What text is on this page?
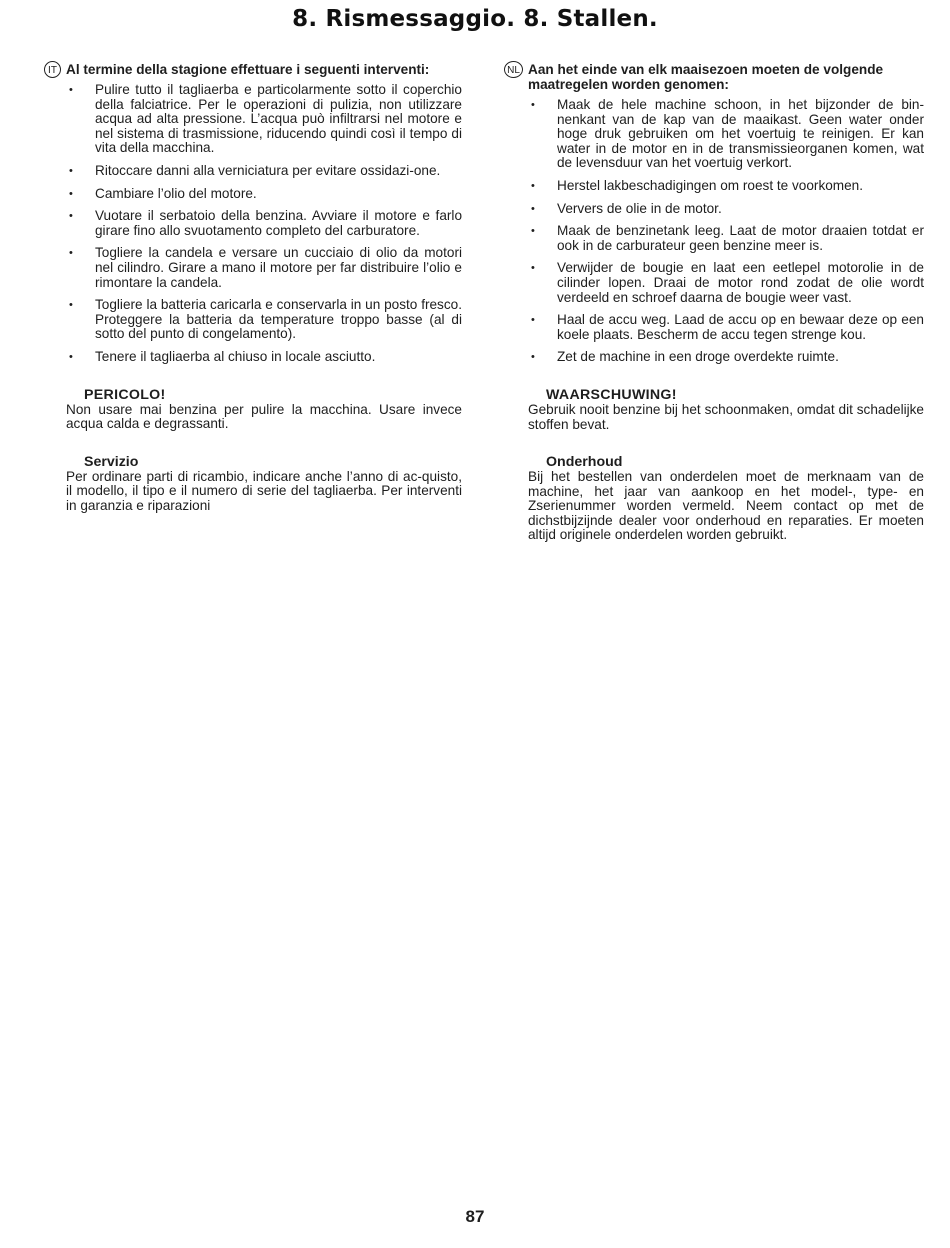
8. Rismessaggio. 8. Stallen.
IT Al termine della stagione effettuare i seguenti interventi:
• Pulire tutto il tagliaerba e particolarmente sotto il coperchio della falciatrice. Per le operazioni di pulizia, non utilizzare acqua ad alta pressione. L’acqua può infiltrarsi nel motore e nel sistema di trasmissione, riducendo quindi così il tempo di vita della macchina.
• Ritoccare danni alla verniciatura per evitare ossidazi-one.
• Cambiare l’olio del motore.
• Vuotare il serbatoio della benzina. Avviare il motore e farlo girare fino allo svuotamento completo del carburatore.
• Togliere la candela e versare un cucciaio di olio da motori nel cilindro. Girare a mano il motore per far distribuire l’olio e rimontare la candela.
• Togliere la batteria caricarla e conservarla in un posto fresco. Proteggere la batteria da temperature troppo basse (al di sotto del punto di congelamento).
• Tenere il tagliaerba al chiuso in locale asciutto.
PERICOLO!
Non usare mai benzina per pulire la macchina. Usare invece acqua calda e degrassanti.
Servizio
Per ordinare parti di ricambio, indicare anche l’anno di ac-quisto, il modello, il tipo e il numero di serie del tagliaerba. Per interventi in garanzia e riparazioni
NL Aan het einde van elk maaisezoen moeten de volgende maatregelen worden genomen:
• Maak de hele machine schoon, in het bijzonder de bin-nenkant van de kap van de maaikast. Geen water onder hoge druk gebruiken om het voertuig te reinigen. Er kan water in de motor en in de transmissieorganen komen, wat de levensduur van het voertuig verkort.
• Herstel lakbeschadigingen om roest te voorkomen.
• Ververs de olie in de motor.
• Maak de benzinetank leeg. Laat de motor draaien totdat er ook in de carburateur geen benzine meer is.
• Verwijder de bougie en laat een eetlepel motorolie in de cilinder lopen. Draai de motor rond zodat de olie wordt verdeeld en schroef daarna de bougie weer vast.
• Haal de accu weg. Laad de accu op en bewaar deze op een koele plaats. Bescherm de accu tegen strenge kou.
• Zet de machine in een droge overdekte ruimte.
WAARSCHUWING!
Gebruik nooit benzine bij het schoonmaken, omdat dit schadelijke stoffen bevat.
Onderhoud
Bij het bestellen van onderdelen moet de merknaam van de machine, het jaar van aankoop en het model-, type- en Zserienummer worden vermeld. Neem contact op met de dichstbijzijnde dealer voor onderhoud en reparaties. Er moeten altijd originele onderdelen worden gebruikt.
87
